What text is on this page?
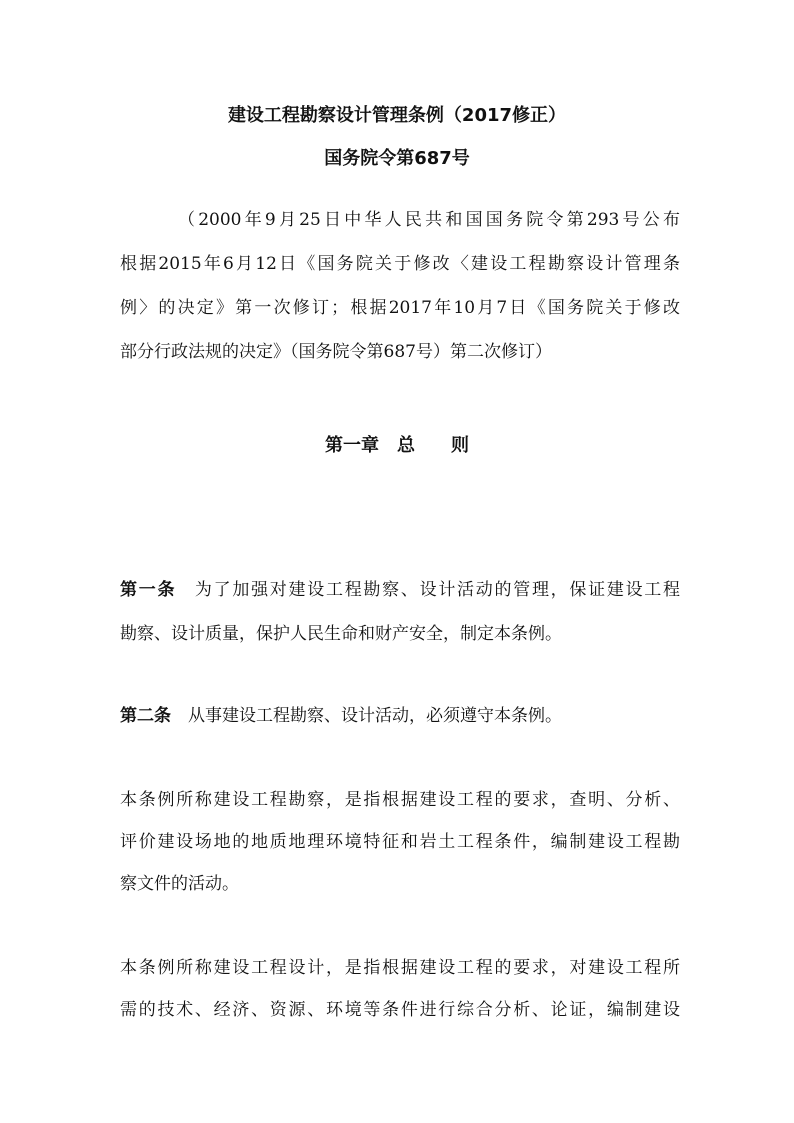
建设工程勘察设计管理条例（2017修正）
国务院令第687号
（2000年9月25日中华人民共和国国务院令第293号公布
根据2015年6月12日《国务院关于修改〈建设工程勘察设计管理条
例〉的决定》第一次修订；根据2017年10月7日《国务院关于修改
部分行政法规的决定》（国务院令第687号）第二次修订）
第一章　总　　则
第一条　为了加强对建设工程勘察、设计活动的管理，保证建设工程
勘察、设计质量，保护人民生命和财产安全，制定本条例。
第二条　从事建设工程勘察、设计活动，必须遵守本条例。
本条例所称建设工程勘察，是指根据建设工程的要求，查明、分析、
评价建设场地的地质地理环境特征和岩土工程条件，编制建设工程勘
察文件的活动。
本条例所称建设工程设计，是指根据建设工程的要求，对建设工程所
需的技术、经济、资源、环境等条件进行综合分析、论证，编制建设
